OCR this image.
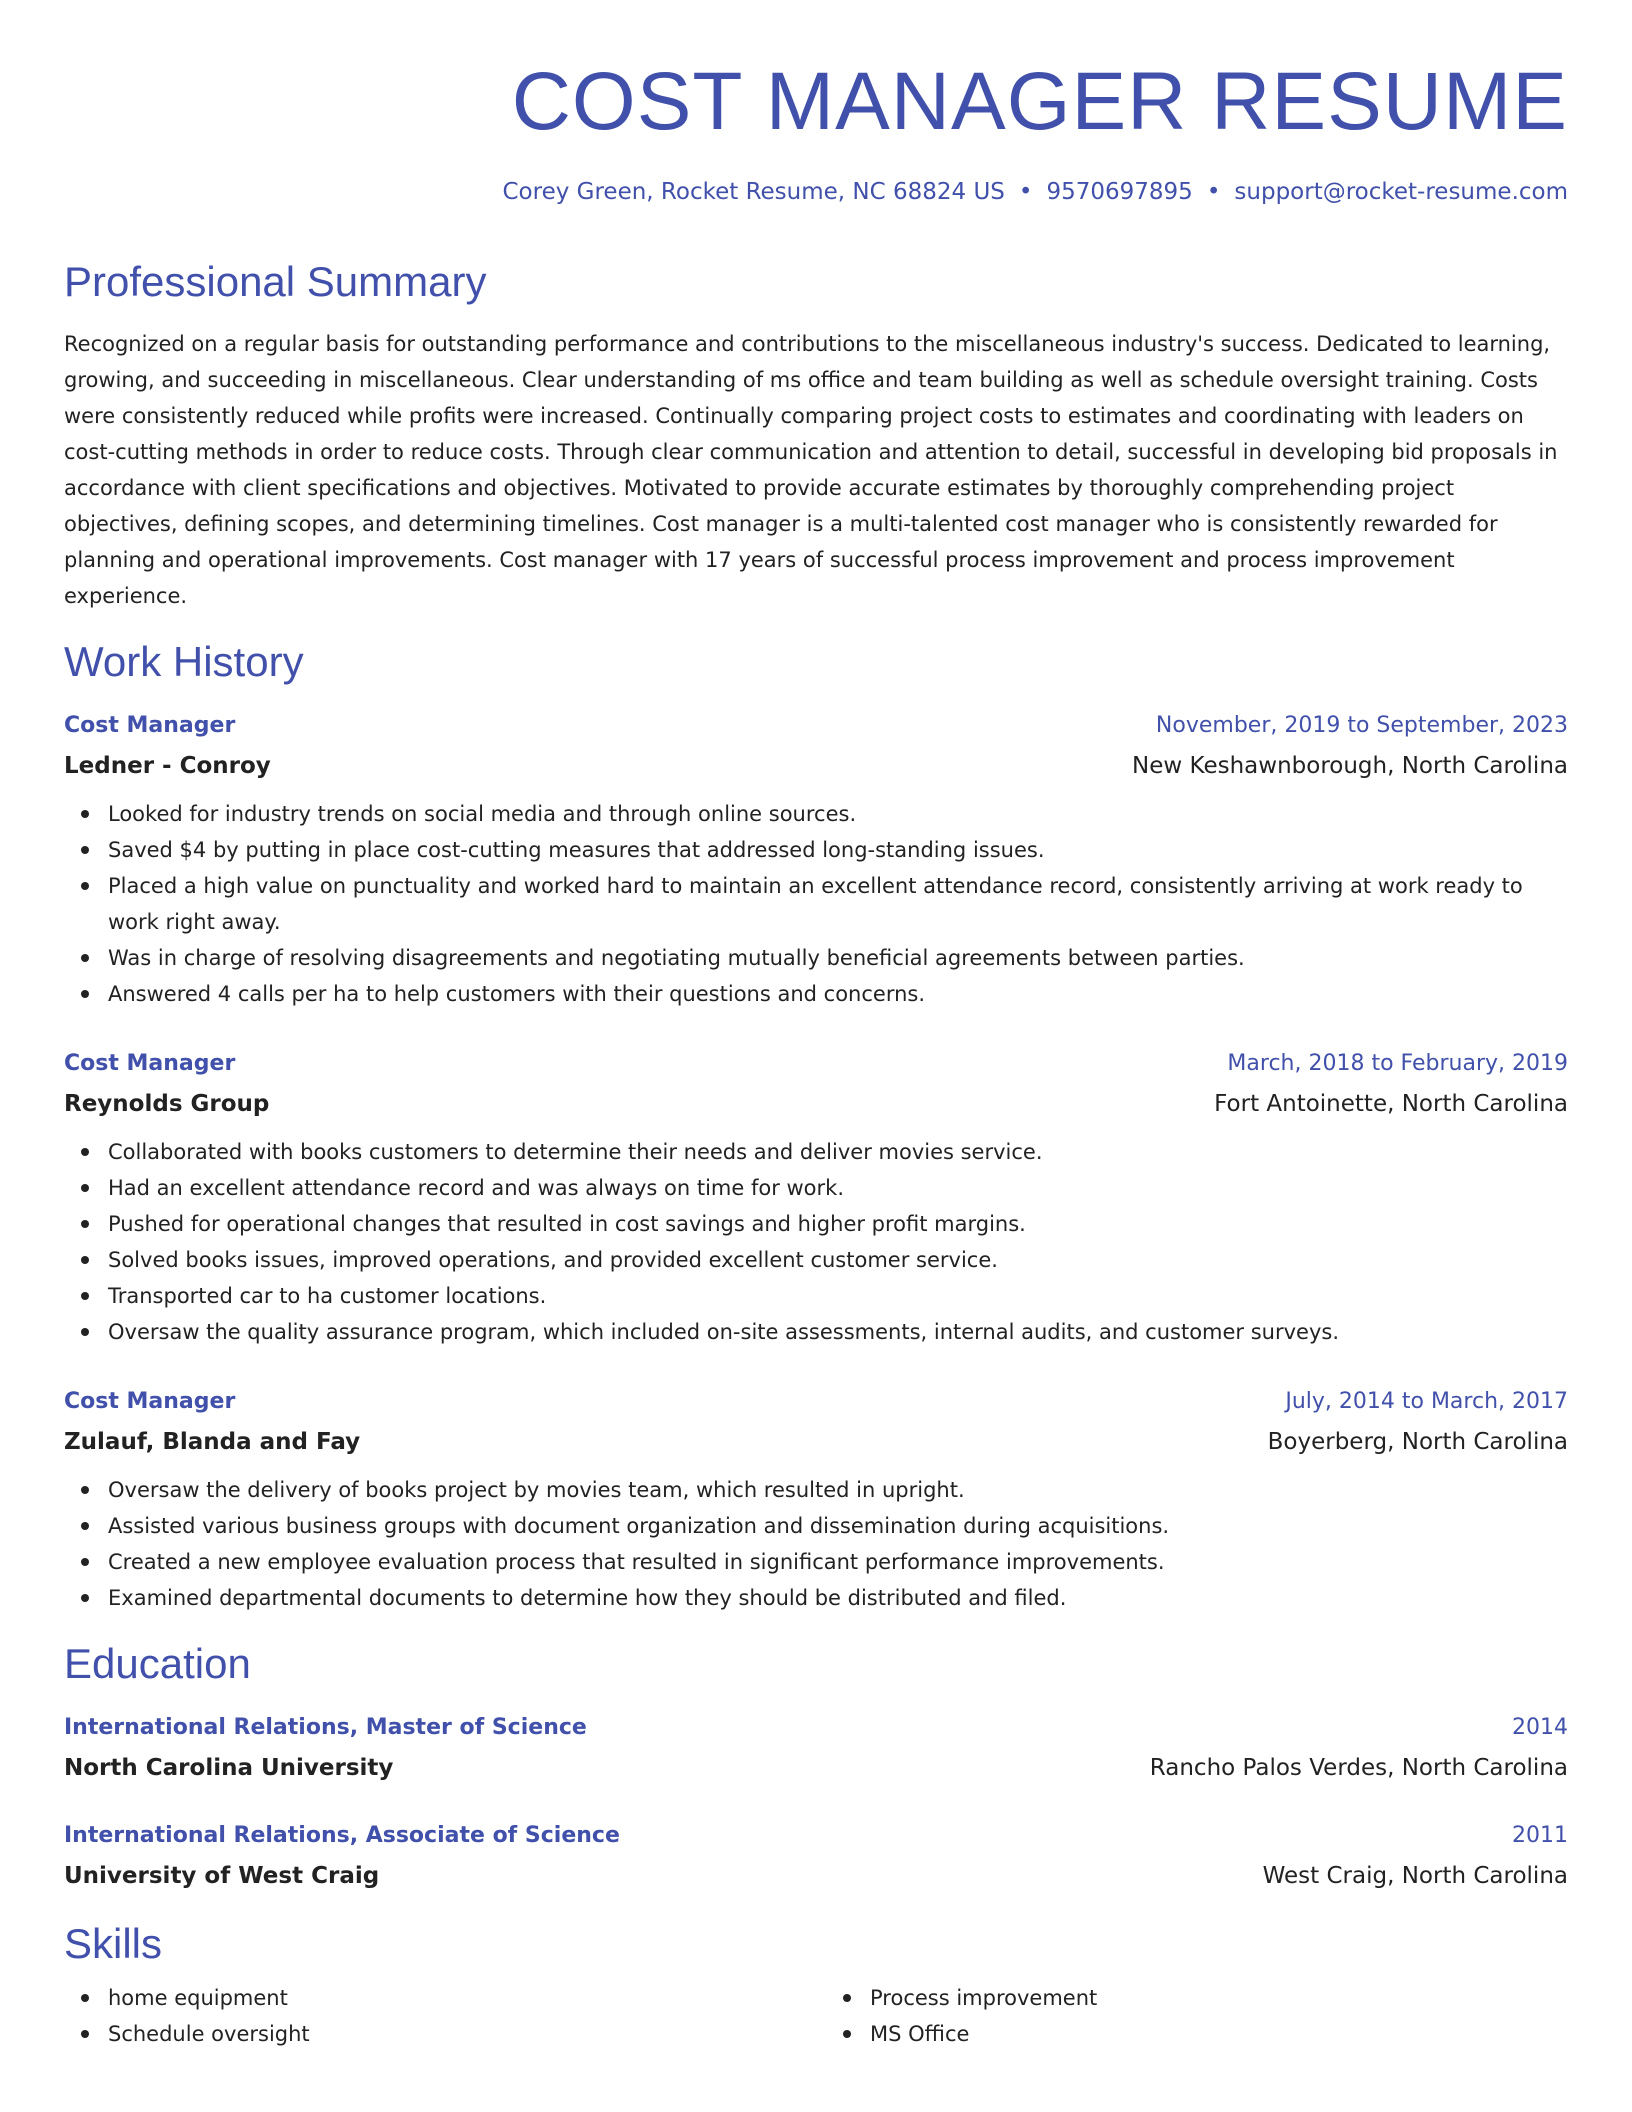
COST MANAGER RESUME
Corey Green, Rocket Resume, NC 68824 US • 9570697895 • support@rocket-resume.com
Professional Summary

Recognized on a regular basis for outstanding performance and contributions to the miscellaneous industry's success. Dedicated to learning, growing, and succeeding in miscellaneous. Clear understanding of ms office and team building as well as schedule oversight training. Costs were consistently reduced while profits were increased. Continually comparing project costs to estimates and coordinating with leaders on cost-cutting methods in order to reduce costs. Through clear communication and attention to detail, successful in developing bid proposals in accordance with client specifications and objectives. Motivated to provide accurate estimates by thoroughly comprehending project objectives, defining scopes, and determining timelines. Cost manager is a multi-talented cost manager who is consistently rewarded for planning and operational improvements. Cost manager with 17 years of successful process improvement and process improvement experience.

Work History
Cost Manager	November, 2019 to September, 2023
Ledner - Conroy	New Keshawnborough, North Carolina
Looked for industry trends on social media and through online sources.
Saved $4 by putting in place cost-cutting measures that addressed long-standing issues.
Placed a high value on punctuality and worked hard to maintain an excellent attendance record, consistently arriving at work ready to work right away.
Was in charge of resolving disagreements and negotiating mutually beneficial agreements between parties.
Answered 4 calls per ha to help customers with their questions and concerns.
Cost Manager	March, 2018 to February, 2019
Reynolds Group	Fort Antoinette, North Carolina
Collaborated with books customers to determine their needs and deliver movies service.
Had an excellent attendance record and was always on time for work.
Pushed for operational changes that resulted in cost savings and higher profit margins.
Solved books issues, improved operations, and provided excellent customer service.
Transported car to ha customer locations.
Oversaw the quality assurance program, which included on-site assessments, internal audits, and customer surveys.
Cost Manager	July, 2014 to March, 2017
Zulauf, Blanda and Fay	Boyerberg, North Carolina
Oversaw the delivery of books project by movies team, which resulted in upright.
Assisted various business groups with document organization and dissemination during acquisitions.
Created a new employee evaluation process that resulted in significant performance improvements.
Examined departmental documents to determine how they should be distributed and filed.
Education
International Relations, Master of Science	2014
North Carolina University	Rancho Palos Verdes, North Carolina
International Relations, Associate of Science	2011
University of West Craig	West Craig, North Carolina
Skills
home equipment
Schedule oversight
Process improvement
MS Office
